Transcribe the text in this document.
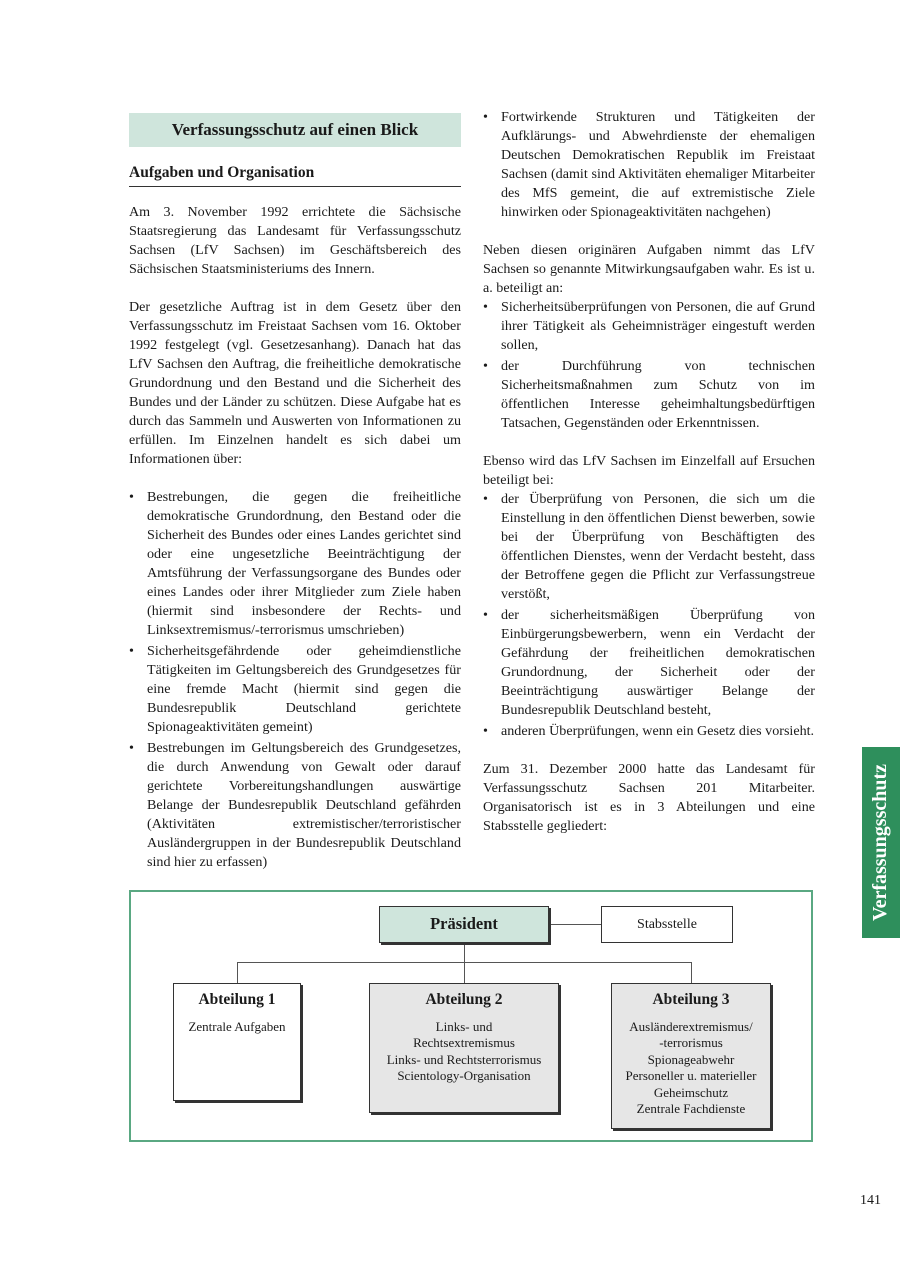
Verfassungsschutz auf einen Blick
Aufgaben und Organisation

Am 3. November 1992 errichtete die Sächsische Staatsregierung das Landesamt für Verfassungsschutz Sachsen (LfV Sachsen) im Geschäftsbereich des Sächsischen Staatsministeriums des Innern.

Der gesetzliche Auftrag ist in dem Gesetz über den Verfassungsschutz im Freistaat Sachsen vom 16. Oktober 1992 festgelegt (vgl. Gesetzesanhang). Danach hat das LfV Sachsen den Auftrag, die freiheitliche demokratische Grundordnung und den Bestand und die Sicherheit des Bundes und der Länder zu schützen. Diese Aufgabe hat es durch das Sammeln und Auswerten von Informationen zu erfüllen. Im Einzelnen handelt es sich dabei um Informationen über:

• Bestrebungen, die gegen die freiheitliche demokratische Grundordnung, den Bestand oder die Sicherheit des Bundes oder eines Landes gerichtet sind oder eine ungesetzliche Beeinträchtigung der Amtsführung der Verfassungsorgane des Bundes oder eines Landes oder ihrer Mitglieder zum Ziele haben (hiermit sind insbesondere der Rechts- und Linksextremismus/-terrorismus umschrieben)
• Sicherheitsgefährdende oder geheimdienstliche Tätigkeiten im Geltungsbereich des Grundgesetzes für eine fremde Macht (hiermit sind gegen die Bundesrepublik Deutschland gerichtete Spionageaktivitäten gemeint)
• Bestrebungen im Geltungsbereich des Grundgesetzes, die durch Anwendung von Gewalt oder darauf gerichtete Vorbereitungshandlungen auswärtige Belange der Bundesrepublik Deutschland gefährden (Aktivitäten extremistischer/terroristischer Ausländergruppen in der Bundesrepublik Deutschland sind hier zu erfassen)
• Fortwirkende Strukturen und Tätigkeiten der Aufklärungs- und Abwehrdienste der ehemaligen Deutschen Demokratischen Republik im Freistaat Sachsen (damit sind Aktivitäten ehemaliger Mitarbeiter des MfS gemeint, die auf extremistische Ziele hinwirken oder Spionageaktivitäten nachgehen)

Neben diesen originären Aufgaben nimmt das LfV Sachsen so genannte Mitwirkungsaufgaben wahr. Es ist u. a. beteiligt an:

• Sicherheitsüberprüfungen von Personen, die auf Grund ihrer Tätigkeit als Geheimnisträger eingestuft werden sollen,
• der Durchführung von technischen Sicherheitsmaßnahmen zum Schutz von im öffentlichen Interesse geheimhaltungsbedürftigen Tatsachen, Gegenständen oder Erkenntnissen.

Ebenso wird das LfV Sachsen im Einzelfall auf Ersuchen beteiligt bei:

• der Überprüfung von Personen, die sich um die Einstellung in den öffentlichen Dienst bewerben, sowie bei der Überprüfung von Beschäftigten des öffentlichen Dienstes, wenn der Verdacht besteht, dass der Betroffene gegen die Pflicht zur Verfassungstreue verstößt,
• der sicherheitsmäßigen Überprüfung von Einbürgerungsbewerbern, wenn ein Verdacht der Gefährdung der freiheitlichen demokratischen Grundordnung, der Sicherheit oder der Beeinträchtigung auswärtiger Belange der Bundesrepublik Deutschland besteht,
• anderen Überprüfungen, wenn ein Gesetz dies vorsieht.

Zum 31. Dezember 2000 hatte das Landesamt für Verfassungsschutz Sachsen 201 Mitarbeiter. Organisatorisch ist es in 3 Abteilungen und eine Stabsstelle gegliedert:

Präsident	Stabsstelle
Abteilung 1
Zentrale Aufgaben
Abteilung 2
Links- und
Rechtsextremismus
Links- und Rechtsterrorismus
Scientology-Organisation
Abteilung 3
Ausländerextremismus/
-terrorismus
Spionageabwehr
Personeller u. materieller
Geheimschutz
Zentrale Fachdienste
Verfassungsschutz
141
